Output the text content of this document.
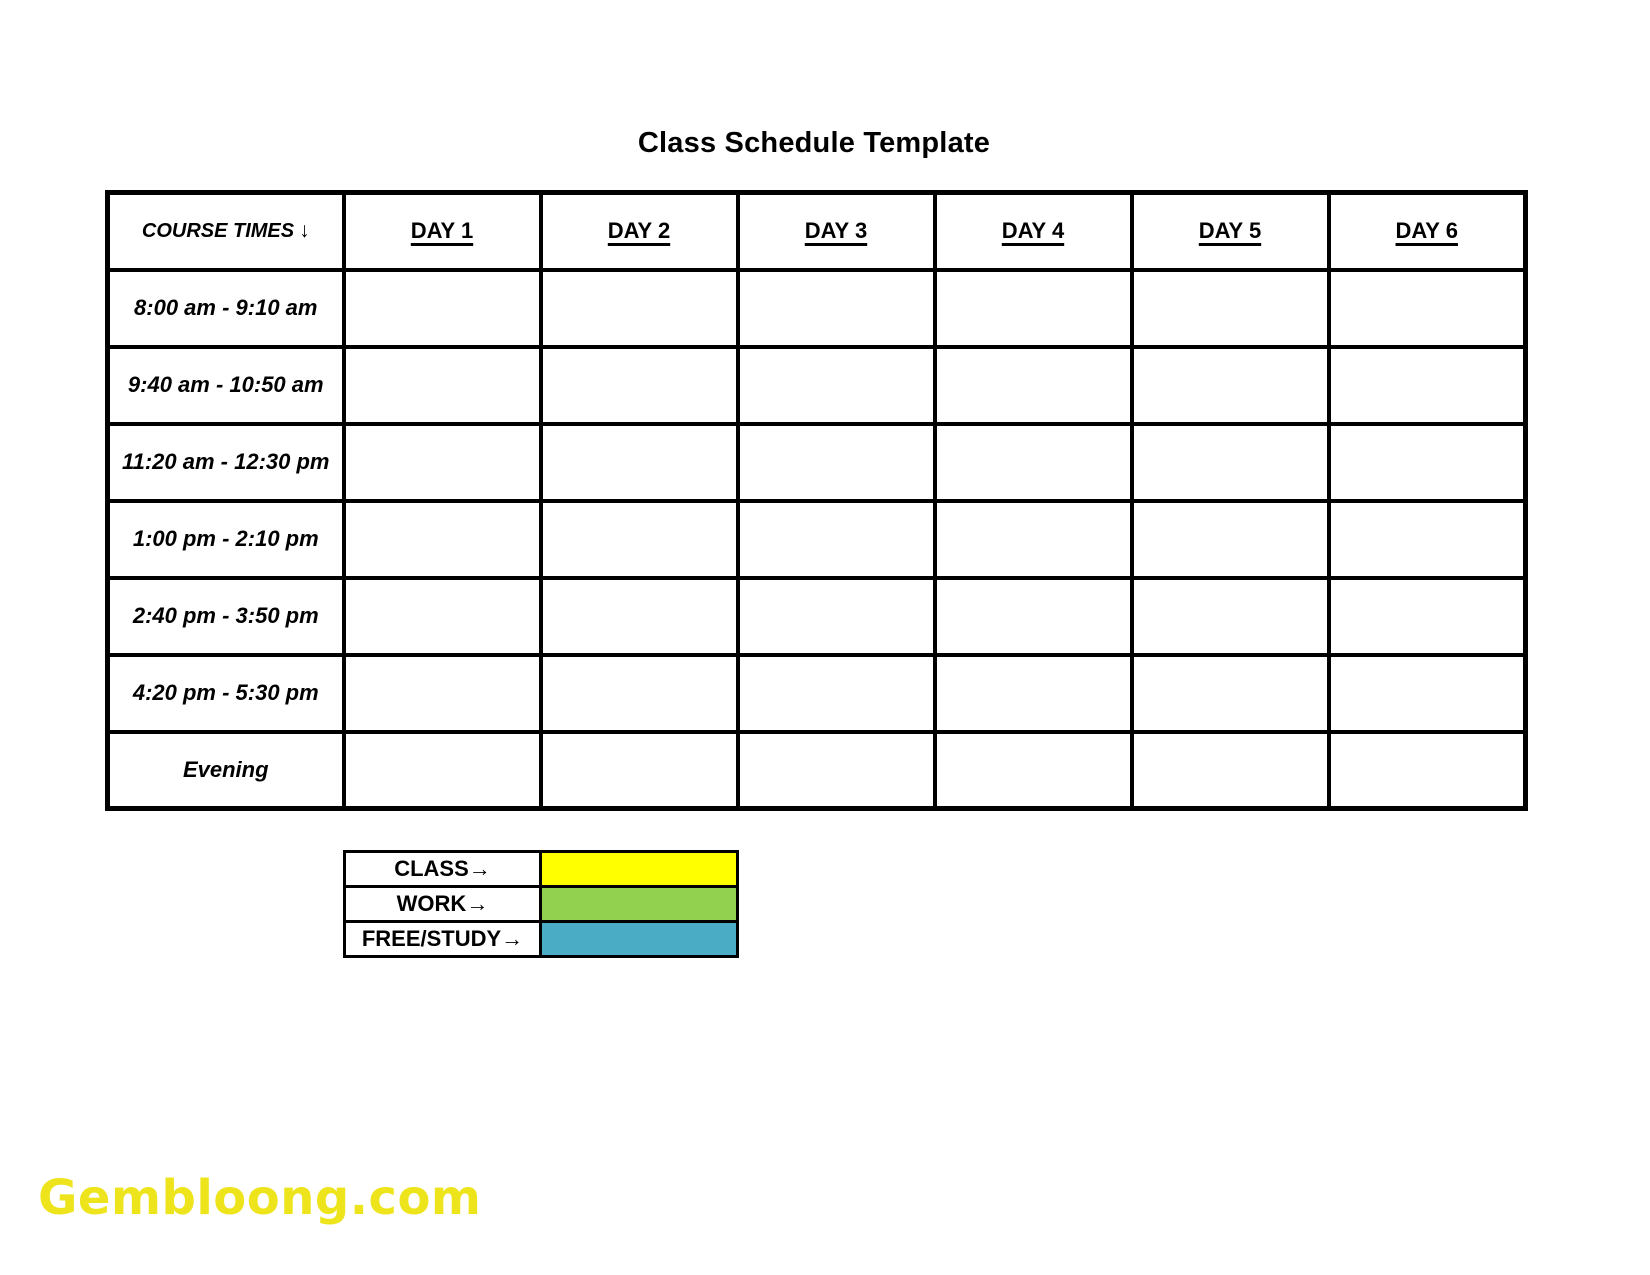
Class Schedule Template
COURSE TIMES ↓	DAY 1	DAY 2	DAY 3	DAY 4	DAY 5	DAY 6
8:00 am - 9:10 am						
9:40 am - 10:50 am						
11:20 am - 12:30 pm						
1:00 pm - 2:10 pm						
2:40 pm - 3:50 pm						
4:20 pm - 5:30 pm						
Evening						
CLASS→	
WORK→	
FREE/STUDY→	
Gembloong.com
